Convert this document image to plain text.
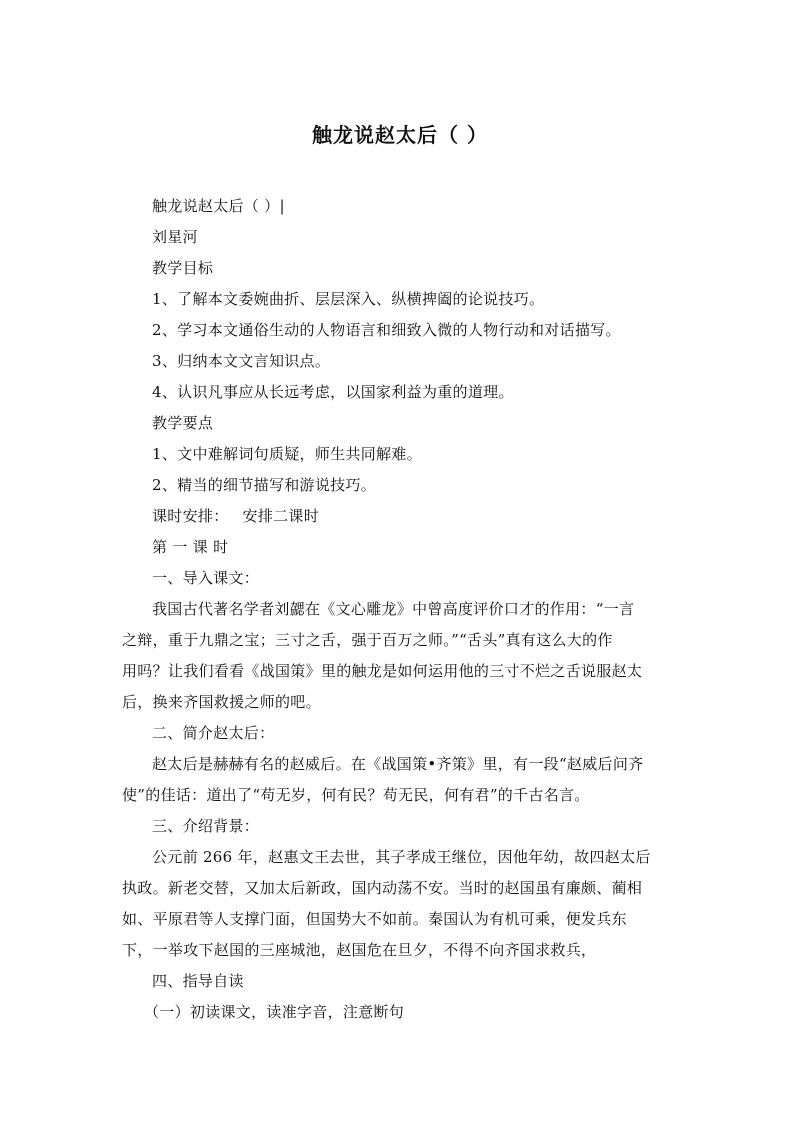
触龙说赵太后（ ）
触龙说赵太后（ ）|
刘星河
教学目标
1、了解本文委婉曲折、层层深入、纵横捭阖的论说技巧。
2、学习本文通俗生动的人物语言和细致入微的人物行动和对话描写。
3、归纳本文文言知识点。
4、认识凡事应从长远考虑，以国家利益为重的道理。
教学要点
1、文中难解词句质疑，师生共同解难。
2、精当的细节描写和游说技巧。
课时安排： 安排二课时
第 一 课 时
一、导入课文：
我国古代著名学者刘勰在《文心雕龙》中曾高度评价口才的作用：“一言
之辩，重于九鼎之宝；三寸之舌，强于百万之师。”“舌头”真有这么大的作
用吗？让我们看看《战国策》里的触龙是如何运用他的三寸不烂之舌说服赵太
后，换来齐国救援之师的吧。
二、简介赵太后：
赵太后是赫赫有名的赵威后。在《战国策•齐策》里，有一段“赵威后问齐
使”的佳话：道出了“苟无岁，何有民？苟无民，何有君”的千古名言。
三、介绍背景：
公元前 266 年，赵惠文王去世，其子孝成王继位，因他年幼，故四赵太后
执政。新老交替，又加太后新政，国内动荡不安。当时的赵国虽有廉颇、蔺相
如、平原君等人支撑门面，但国势大不如前。秦国认为有机可乘，便发兵东
下，一举攻下赵国的三座城池，赵国危在旦夕，不得不向齐国求救兵，
四、指导自读
（一）初读课文，读准字音，注意断句
